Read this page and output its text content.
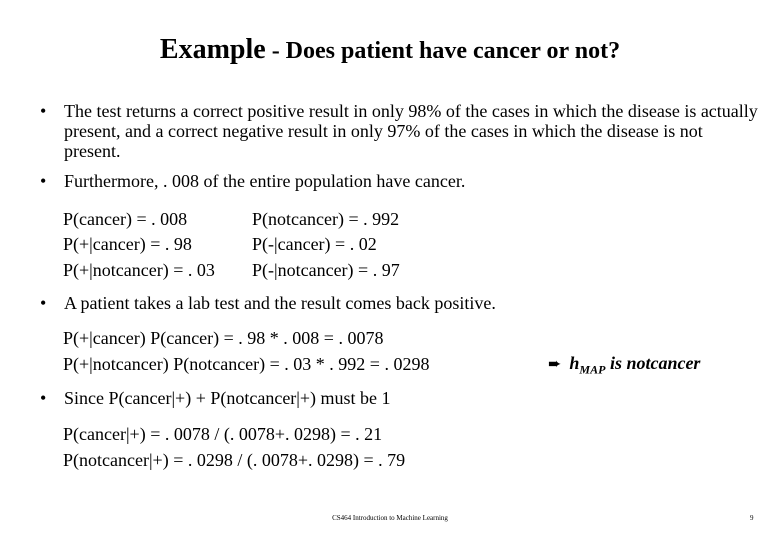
Example - Does patient have cancer or not?
• The test returns a correct positive result in only 98% of the cases in which the disease is actually present, and a correct negative result in only 97% of the cases in which the disease is not present.
• Furthermore, . 008 of the entire population have cancer.
P(cancer) = . 008
P(+|cancer) = . 98
P(+|notcancer) = . 03
P(notcancer) = . 992
P(-|cancer) = . 02
P(-|notcancer) = . 97
• A patient takes a lab test and the result comes back positive.
P(+|cancer) P(cancer) = . 98 * . 008 = . 0078
P(+|notcancer) P(notcancer) = . 03 * . 992 = . 0298	➨ $h_{MAP}$ is notcancer
• Since P(cancer|+) + P(notcancer|+) must be 1
P(cancer|+) = . 0078 / (. 0078+. 0298) = . 21
P(notcancer|+) = . 0298 / (. 0078+. 0298) = . 79
CS464 Introduction to Machine Learning	9
